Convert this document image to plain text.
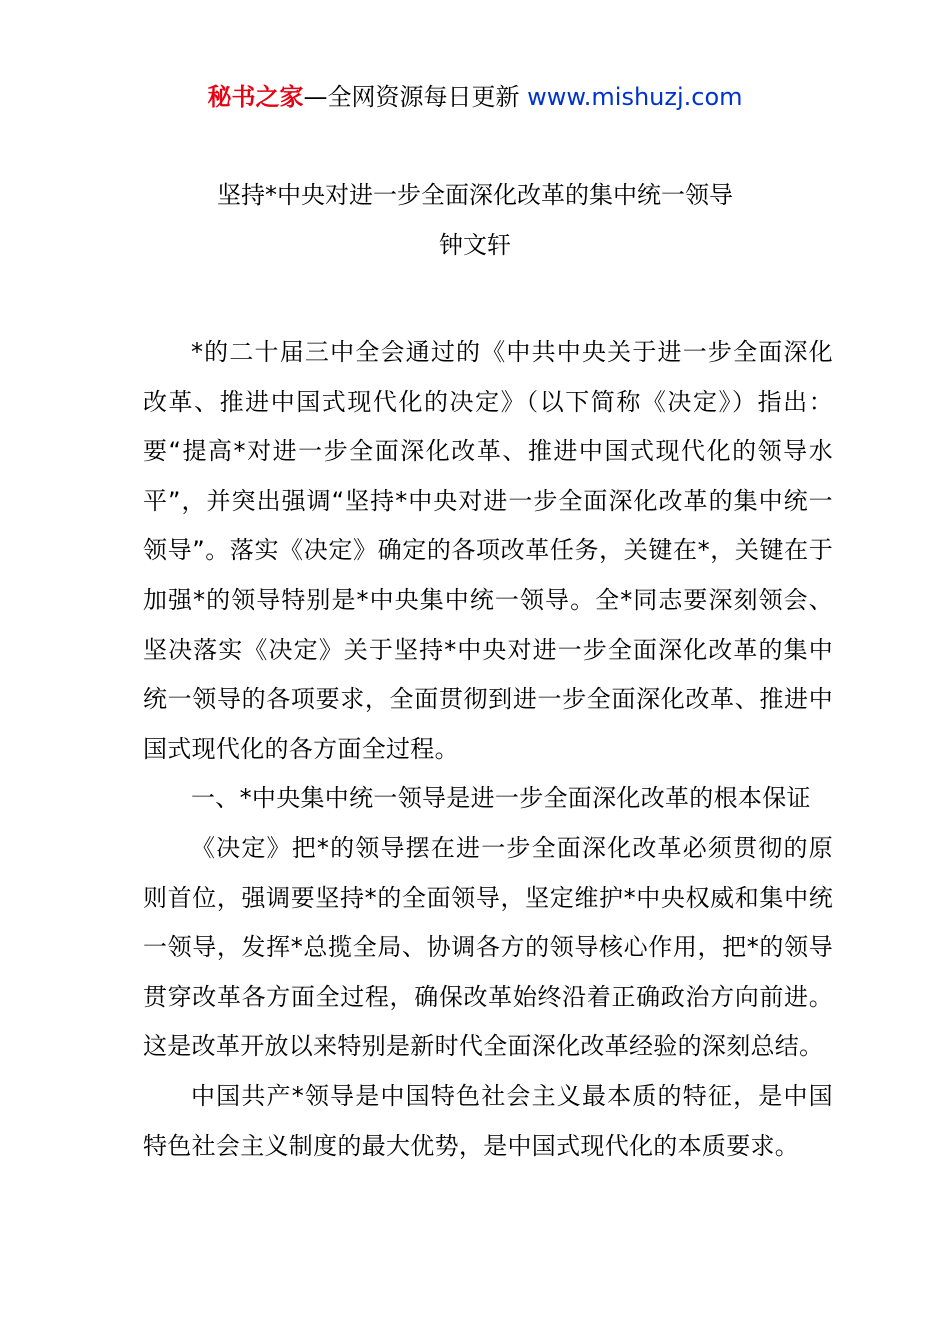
秘书之家—全网资源每日更新 www.mishuzj.com
坚持*中央对进一步全面深化改革的集中统一领导
钟文轩

*的二十届三中全会通过的《中共中央关于进一步全面深化改革、推进中国式现代化的决定》（以下简称《决定》）指出：要“提高*对进一步全面深化改革、推进中国式现代化的领导水平”，并突出强调“坚持*中央对进一步全面深化改革的集中统一领导”。落实《决定》确定的各项改革任务，关键在*，关键在于加强*的领导特别是*中央集中统一领导。全*同志要深刻领会、坚决落实《决定》关于坚持*中央对进一步全面深化改革的集中统一领导的各项要求，全面贯彻到进一步全面深化改革、推进中国式现代化的各方面全过程。

一、*中央集中统一领导是进一步全面深化改革的根本保证

《决定》把*的领导摆在进一步全面深化改革必须贯彻的原则首位，强调要坚持*的全面领导，坚定维护*中央权威和集中统一领导，发挥*总揽全局、协调各方的领导核心作用，把*的领导贯穿改革各方面全过程，确保改革始终沿着正确政治方向前进。这是改革开放以来特别是新时代全面深化改革经验的深刻总结。

中国共产*领导是中国特色社会主义最本质的特征，是中国特色社会主义制度的最大优势，是中国式现代化的本质要求。
